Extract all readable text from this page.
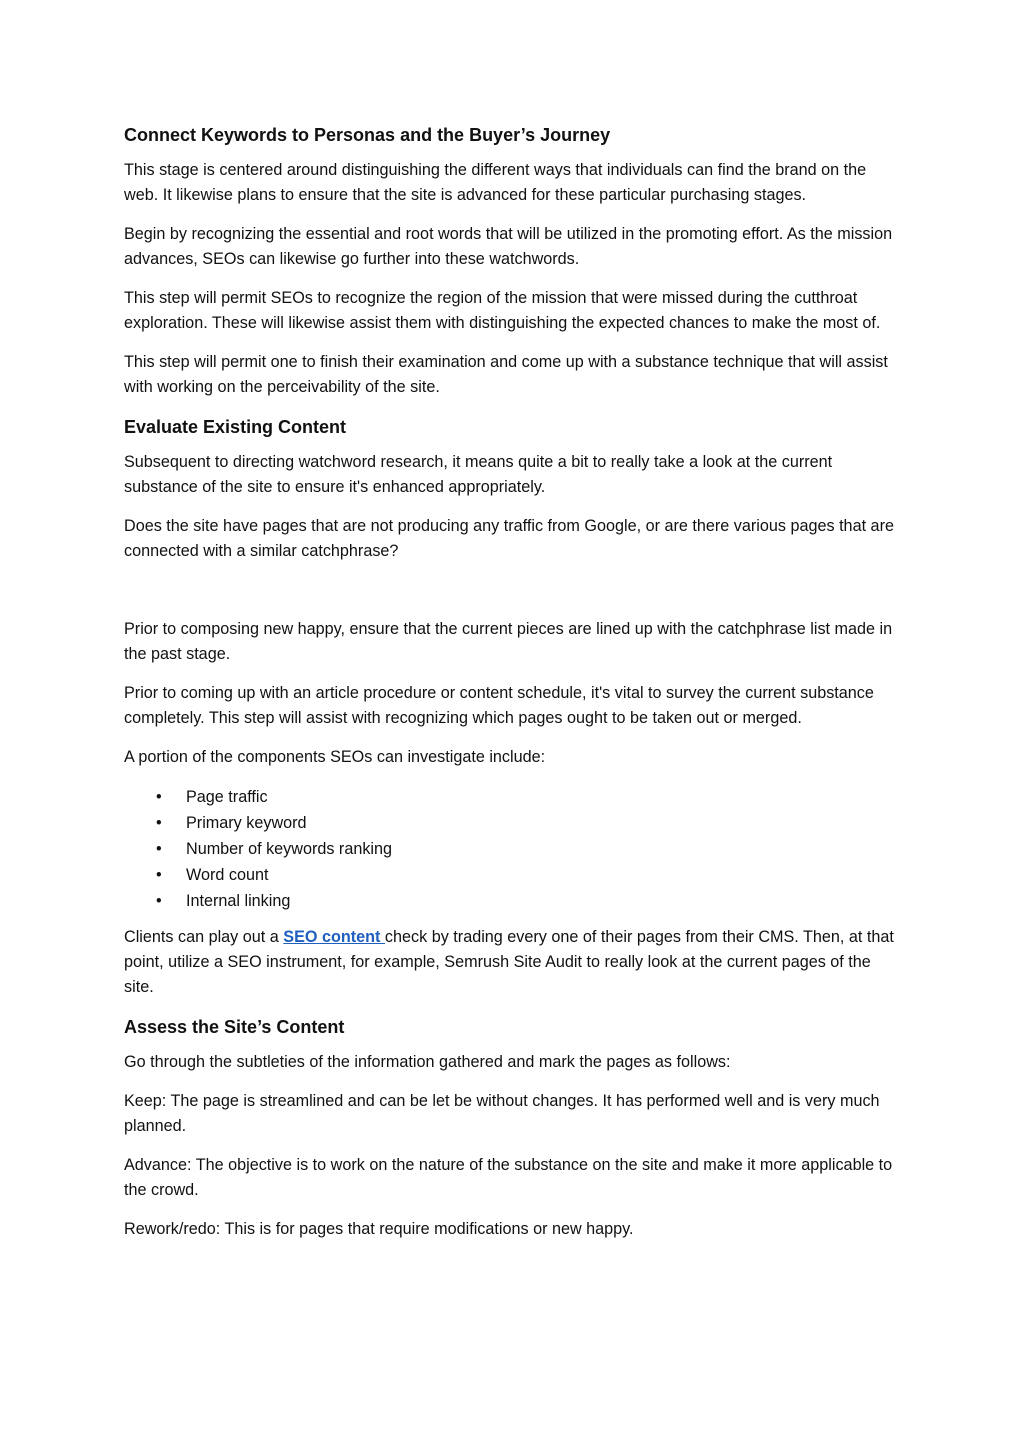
Connect Keywords to Personas and the Buyer’s Journey

This stage is centered around distinguishing the different ways that individuals can find the brand on the web. It likewise plans to ensure that the site is advanced for these particular purchasing stages.

Begin by recognizing the essential and root words that will be utilized in the promoting effort. As the mission advances, SEOs can likewise go further into these watchwords.

This step will permit SEOs to recognize the region of the mission that were missed during the cutthroat exploration. These will likewise assist them with distinguishing the expected chances to make the most of.

This step will permit one to finish their examination and come up with a substance technique that will assist with working on the perceivability of the site.

Evaluate Existing Content

Subsequent to directing watchword research, it means quite a bit to really take a look at the current substance of the site to ensure it's enhanced appropriately.

Does the site have pages that are not producing any traffic from Google, or are there various pages that are connected with a similar catchphrase?

Prior to composing new happy, ensure that the current pieces are lined up with the catchphrase list made in the past stage.

Prior to coming up with an article procedure or content schedule, it's vital to survey the current substance completely. This step will assist with recognizing which pages ought to be taken out or merged.

A portion of the components SEOs can investigate include:

• Page traffic
• Primary keyword
• Number of keywords ranking
• Word count
• Internal linking

Clients can play out a SEO content check by trading every one of their pages from their CMS. Then, at that point, utilize a SEO instrument, for example, Semrush Site Audit to really look at the current pages of the site.

Assess the Site’s Content

Go through the subtleties of the information gathered and mark the pages as follows:

Keep: The page is streamlined and can be let be without changes. It has performed well and is very much planned.

Advance: The objective is to work on the nature of the substance on the site and make it more applicable to the crowd.

Rework/redo: This is for pages that require modifications or new happy.
